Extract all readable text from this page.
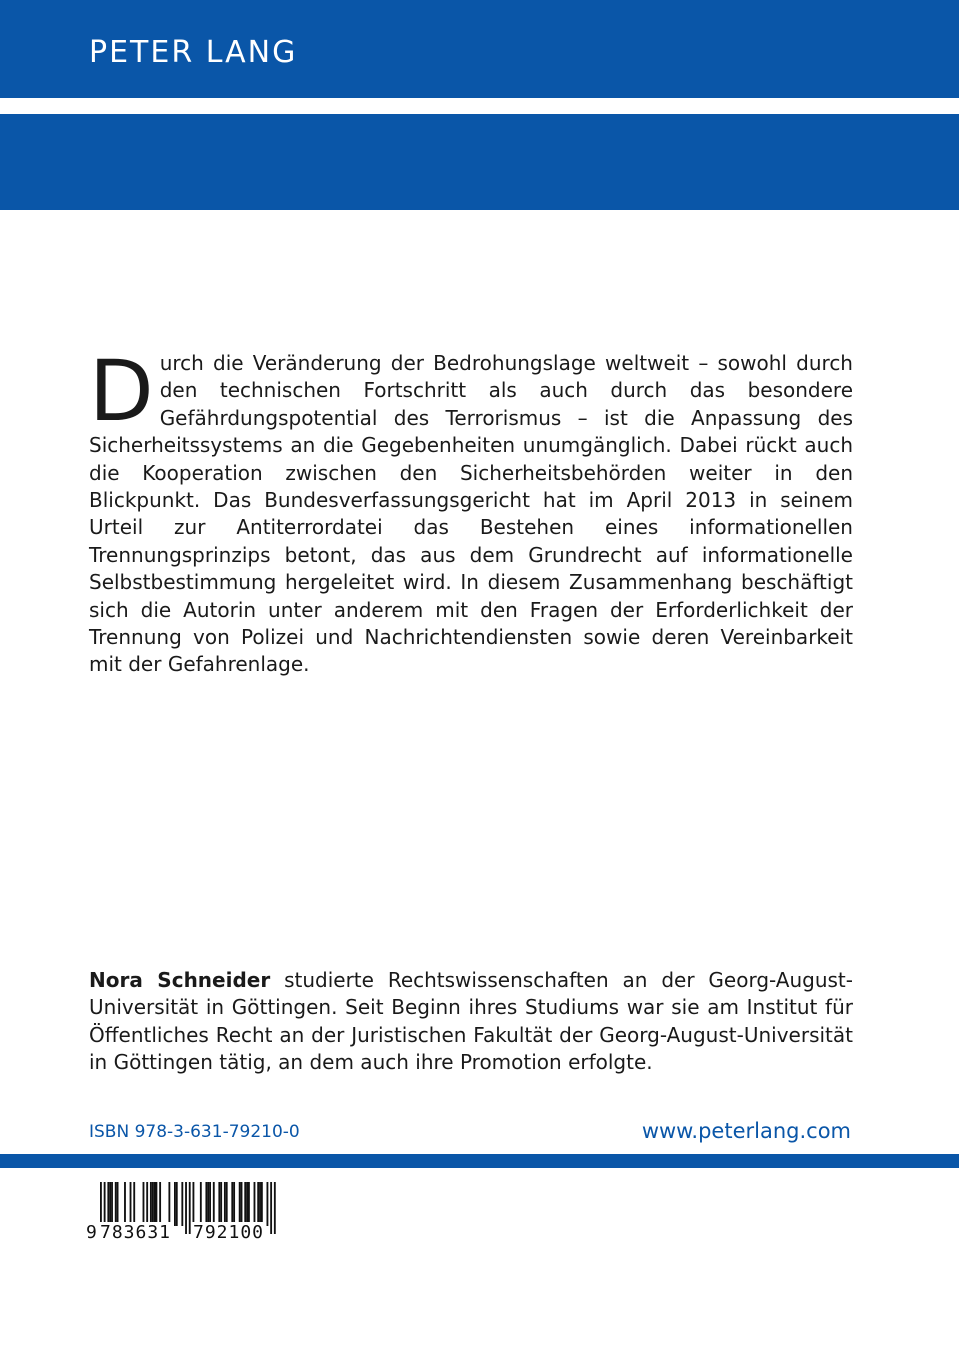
PETER LANG
6096

Durch die Veränderung der Bedrohungslage weltweit – sowohl durch den technischen Fortschritt als auch durch das besondere Gefährdungspotential des Terrorismus – ist die Anpassung des Sicherheitssystems an die Gegebenheiten unumgänglich. Dabei rückt auch die Kooperation zwischen den Sicherheitsbehörden weiter in den Blickpunkt. Das Bundesverfassungsgericht hat im April 2013 in seinem Urteil zur Antiterrordatei das Bestehen eines informationellen Trennungsprinzips betont, das aus dem Grundrecht auf informationelle Selbstbestimmung hergeleitet wird. In diesem Zusammenhang beschäftigt sich die Autorin unter anderem mit den Fragen der Erforderlichkeit der Trennung von Polizei und Nachrichtendiensten sowie deren Vereinbarkeit mit der Gefahrenlage.

Nora Schneider studierte Rechtswissenschaften an der Georg-August-Universität in Göttingen. Seit Beginn ihres Studiums war sie am Institut für Öffentliches Recht an der Juristischen Fakultät der Georg-August-Universität in Göttingen tätig, an dem auch ihre Promotion erfolgte.

ISBN 978-3-631-79210-0	www.peterlang.com
9 783631 792100
